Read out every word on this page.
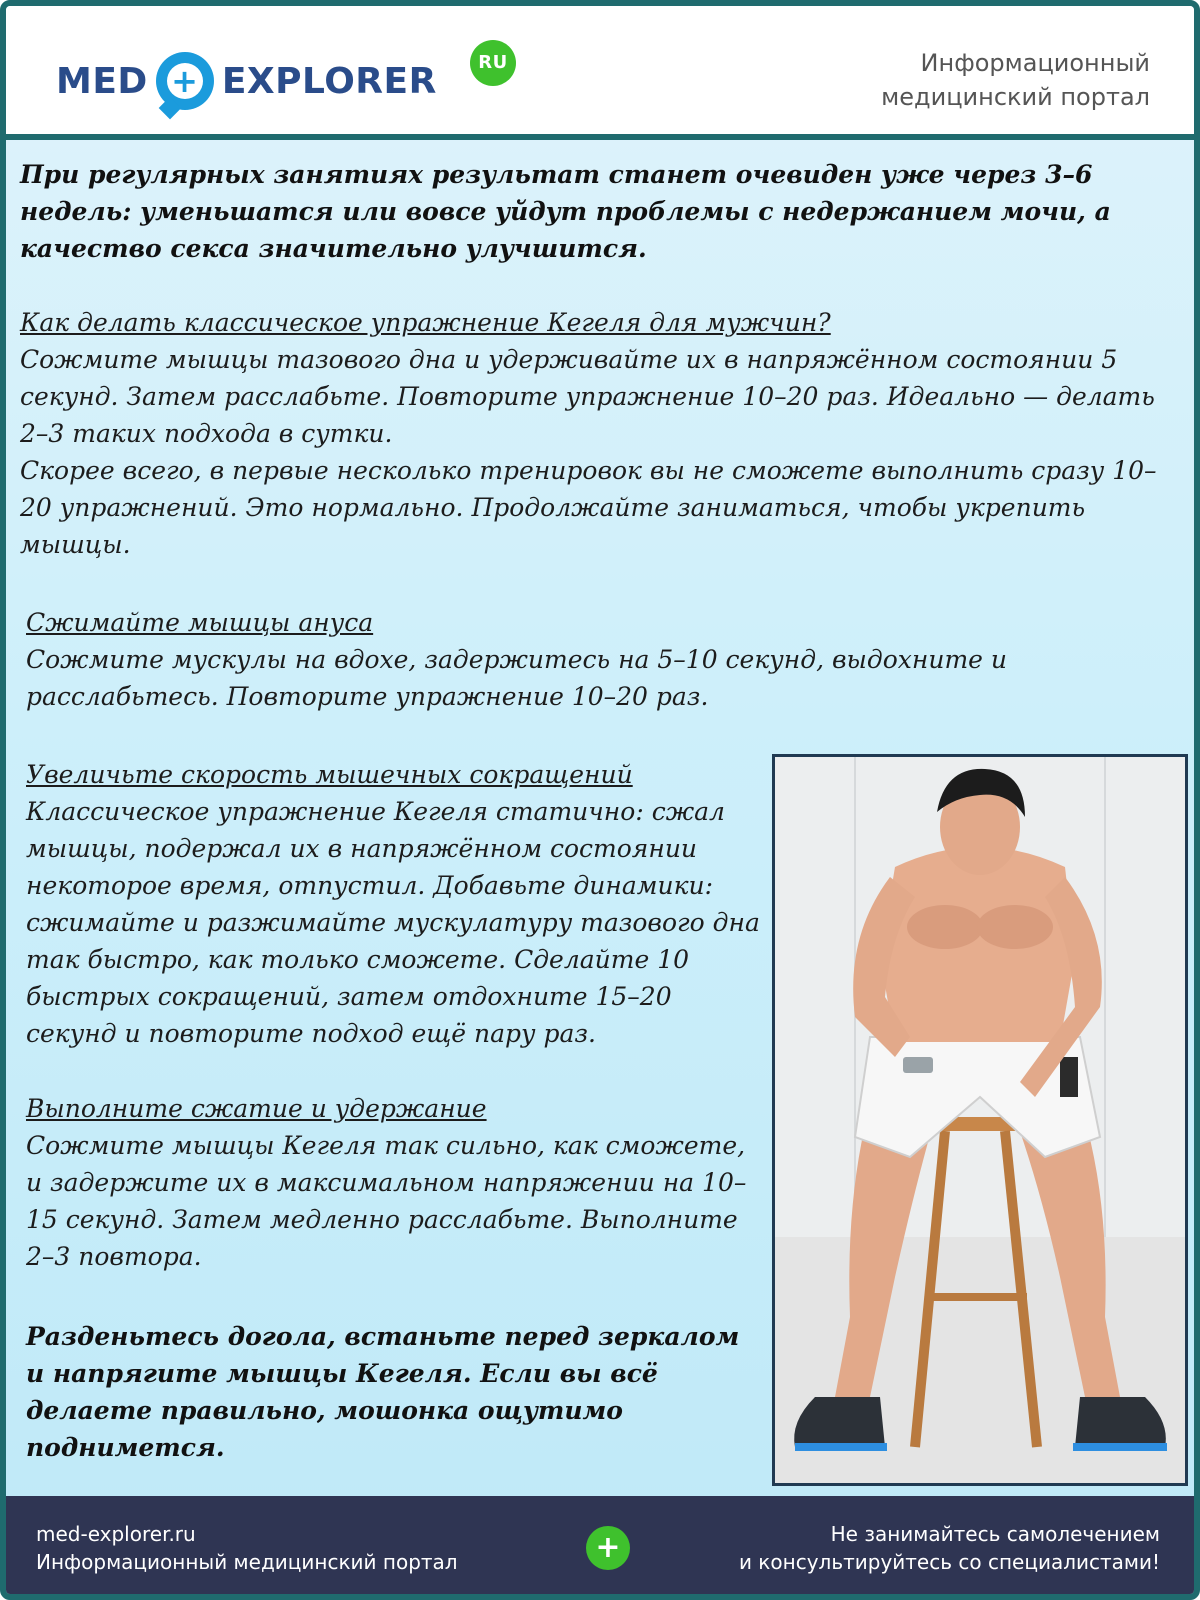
MED + EXPLORER	RU	Информационный
медицинский портал

При регулярных занятиях результат станет очевиден уже через 3–6 недель: уменьшатся или вовсе уйдут проблемы с недержанием мочи, а качество секса значительно улучшится.

Как делать классическое упражнение Кегеля для мужчин?

Сожмите мышцы тазового дна и удерживайте их в напряжённом состоянии 5 секунд. Затем расслабьте. Повторите упражнение 10–20 раз. Идеально — делать 2–3 таких подхода в сутки.

Скорее всего, в первые несколько тренировок вы не сможете выполнить сразу 10–20 упражнений. Это нормально. Продолжайте заниматься, чтобы укрепить мышцы.

Сжимайте мышцы ануса

Сожмите мускулы на вдохе, задержитесь на 5–10 секунд, выдохните и расслабьтесь. Повторите упражнение 10–20 раз.

Увеличьте скорость мышечных сокращений

Классическое упражнение Кегеля статично: сжал мышцы, подержал их в напряжённом состоянии некоторое время, отпустил. Добавьте динамики: сжимайте и разжимайте мускулатуру тазового дна так быстро, как только сможете. Сделайте 10 быстрых сокращений, затем отдохните 15–20 секунд и повторите подход ещё пару раз.

Выполните сжатие и удержание

Сожмите мышцы Кегеля так сильно, как сможете, и задержите их в максимальном напряжении на 10–15 секунд. Затем медленно расслабьте. Выполните 2–3 повтора.

Разденьтесь догола, встаньте перед зеркалом и напрягите мышцы Кегеля. Если вы всё делаете правильно, мошонка ощутимо поднимется.

med-explorer.ru
Информационный медицинский портал	+	Не занимайтесь самолечением
и консультируйтесь со специалистами!
